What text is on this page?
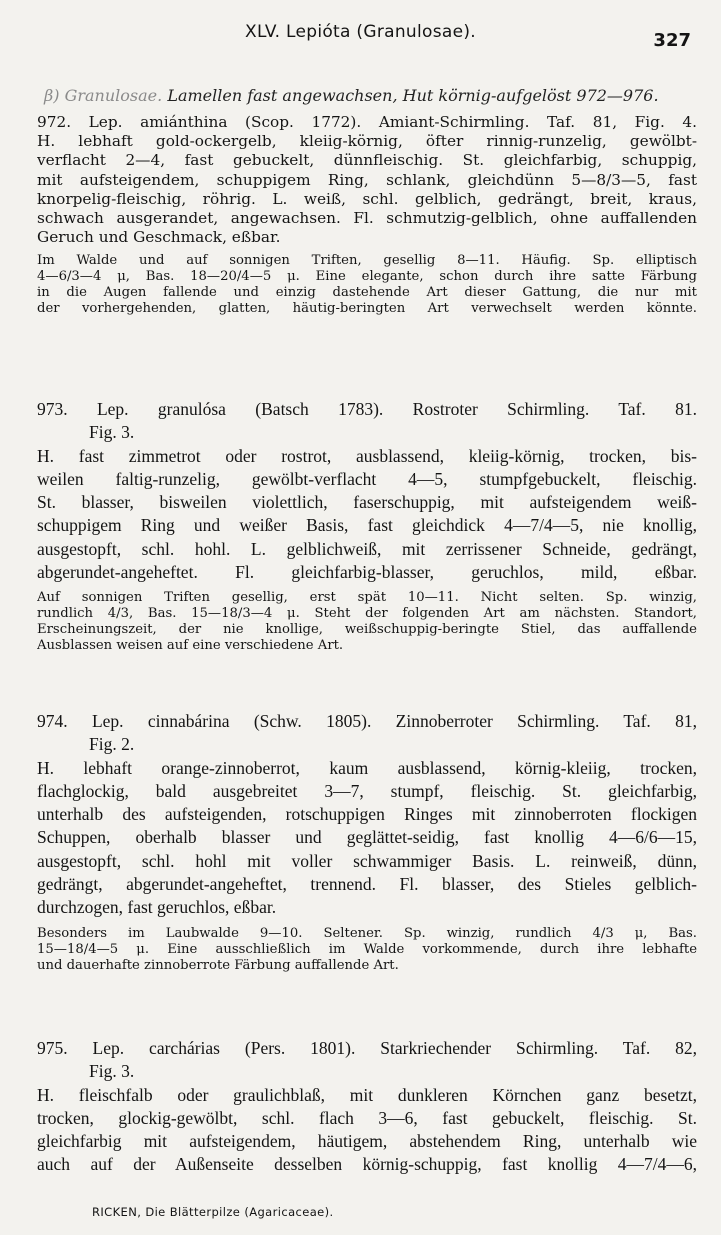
XLV. Lepióta (Granulosae).	327
β) Granulosae. Lamellen fast angewachsen, Hut körnig-aufgelöst 972—976.
972. Lep. amiánthina (Scop. 1772). Amiant-Schirmling. Taf. 81, Fig. 4.
H. lebhaft gold-ockergelb, kleiig-körnig, öfter rinnig-runzelig, gewölbt-
verflacht 2—4, fast gebuckelt, dünnfleischig. St. gleichfarbig, schuppig,
mit aufsteigendem, schuppigem Ring, schlank, gleichdünn 5—8/3—5, fast
knorpelig-fleischig, röhrig. L. weiß, schl. gelblich, gedrängt, breit, kraus,
schwach ausgerandet, angewachsen. Fl. schmutzig-gelblich, ohne auffallenden
Geruch und Geschmack, eßbar.
Im Walde und auf sonnigen Triften, gesellig 8—11. Häufig. Sp. elliptisch
4—6/3—4 μ, Bas. 18—20/4—5 μ. Eine elegante, schon durch ihre satte Färbung
in die Augen fallende und einzig dastehende Art dieser Gattung, die nur mit
der vorhergehenden, glatten, häutig-beringten Art verwechselt werden könnte.
973. Lep. granulósa (Batsch 1783). Rostroter Schirmling. Taf. 81.
Fig. 3.
H. fast zimmetrot oder rostrot, ausblassend, kleiig-körnig, trocken, bis-
weilen faltig-runzelig, gewölbt-verflacht 4—5, stumpfgebuckelt, fleischig.
St. blasser, bisweilen violettlich, faserschuppig, mit aufsteigendem weiß-
schuppigem Ring und weißer Basis, fast gleichdick 4—7/4—5, nie knollig,
ausgestopft, schl. hohl. L. gelblichweiß, mit zerrissener Schneide, gedrängt,
abgerundet-angeheftet. Fl. gleichfarbig-blasser, geruchlos, mild, eßbar.
Auf sonnigen Triften gesellig, erst spät 10—11. Nicht selten. Sp. winzig,
rundlich 4/3, Bas. 15—18/3—4 μ. Steht der folgenden Art am nächsten. Standort,
Erscheinungszeit, der nie knollige, weißschuppig-beringte Stiel, das auffallende
Ausblassen weisen auf eine verschiedene Art.
974. Lep. cinnabárina (Schw. 1805). Zinnoberroter Schirmling. Taf. 81,
Fig. 2.
H. lebhaft orange-zinnoberrot, kaum ausblassend, körnig-kleiig, trocken,
flachglockig, bald ausgebreitet 3—7, stumpf, fleischig. St. gleichfarbig,
unterhalb des aufsteigenden, rotschuppigen Ringes mit zinnoberroten flockigen
Schuppen, oberhalb blasser und geglättet-seidig, fast knollig 4—6/6—15,
ausgestopft, schl. hohl mit voller schwammiger Basis. L. reinweiß, dünn,
gedrängt, abgerundet-angeheftet, trennend. Fl. blasser, des Stieles gelblich-
durchzogen, fast geruchlos, eßbar.
Besonders im Laubwalde 9—10. Seltener. Sp. winzig, rundlich 4/3 μ, Bas.
15—18/4—5 μ. Eine ausschließlich im Walde vorkommende, durch ihre lebhafte
und dauerhafte zinnoberrote Färbung auffallende Art.
975. Lep. carchárias (Pers. 1801). Starkriechender Schirmling. Taf. 82,
Fig. 3.
H. fleischfalb oder graulichblaß, mit dunkleren Körnchen ganz besetzt,
trocken, glockig-gewölbt, schl. flach 3—6, fast gebuckelt, fleischig. St.
gleichfarbig mit aufsteigendem, häutigem, abstehendem Ring, unterhalb wie
auch auf der Außenseite desselben körnig-schuppig, fast knollig 4—7/4—6,
RICKEN, Die Blätterpilze (Agaricaceae).
